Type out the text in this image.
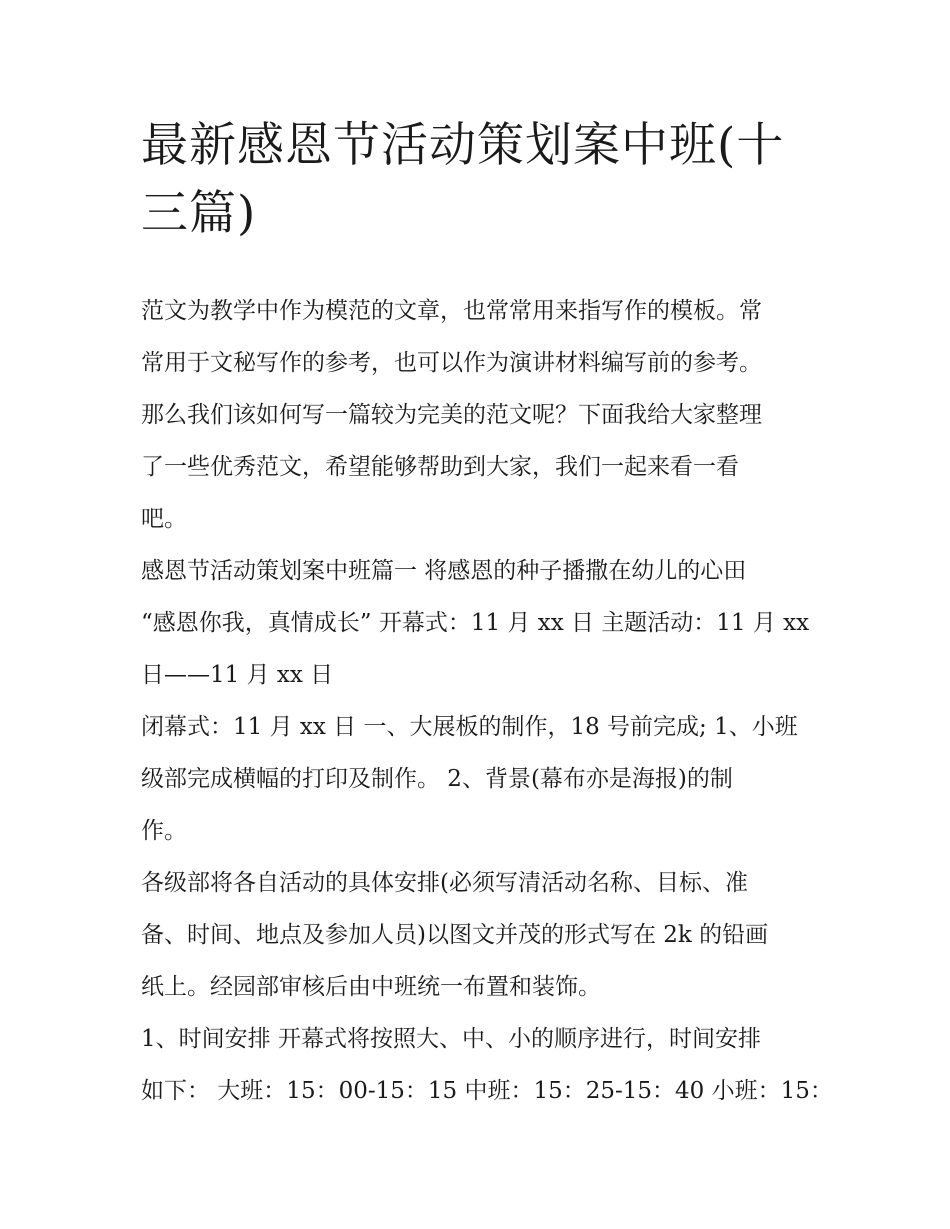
最新感恩节活动策划案中班(十
三篇)
范文为教学中作为模范的文章，也常常用来指写作的模板。常
常用于文秘写作的参考，也可以作为演讲材料编写前的参考。
那么我们该如何写一篇较为完美的范文呢？下面我给大家整理
了一些优秀范文，希望能够帮助到大家，我们一起来看一看
吧。
感恩节活动策划案中班篇一 将感恩的种子播撒在幼儿的心田
“感恩你我，真情成长” 开幕式：11 月 xx 日 主题活动：11 月 xx
日——11 月 xx 日
闭幕式：11 月 xx 日 一、大展板的制作，18 号前完成; 1、小班
级部完成横幅的打印及制作。 2、背景(幕布亦是海报)的制
作。
各级部将各自活动的具体安排(必须写清活动名称、目标、准
备、时间、地点及参加人员)以图文并茂的形式写在 2k 的铅画
纸上。经园部审核后由中班统一布置和装饰。
1、时间安排 开幕式将按照大、中、小的顺序进行，时间安排
如下： 大班：15：00-15：15 中班：15：25-15：40 小班：15：
